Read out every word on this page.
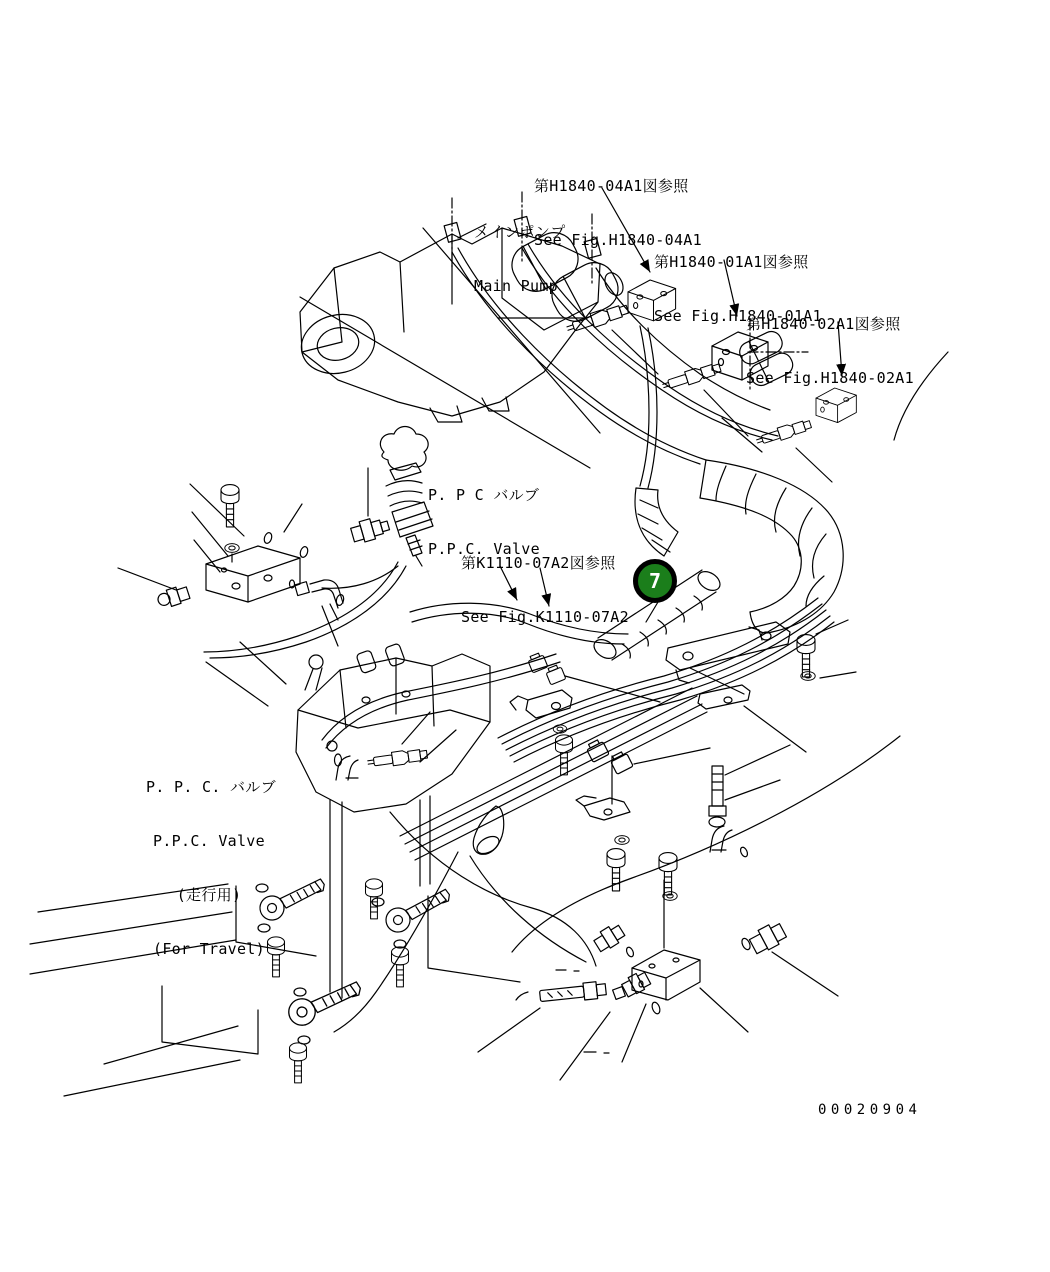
第H1840-04A1図参照

See Fig.H1840-04A1

メインポンプ

Main Pump

第H1840-01A1図参照

See Fig.H1840-01A1

第H1840-02A1図参照

See Fig.H1840-02A1

P. P C バルブ

P.P.C. Valve

第K1110-07A2図参照

See Fig.K1110-07A2

P. P. C. バルブ

P.P.C. Valve

(走行用)

(For Travel)

7
00020904
